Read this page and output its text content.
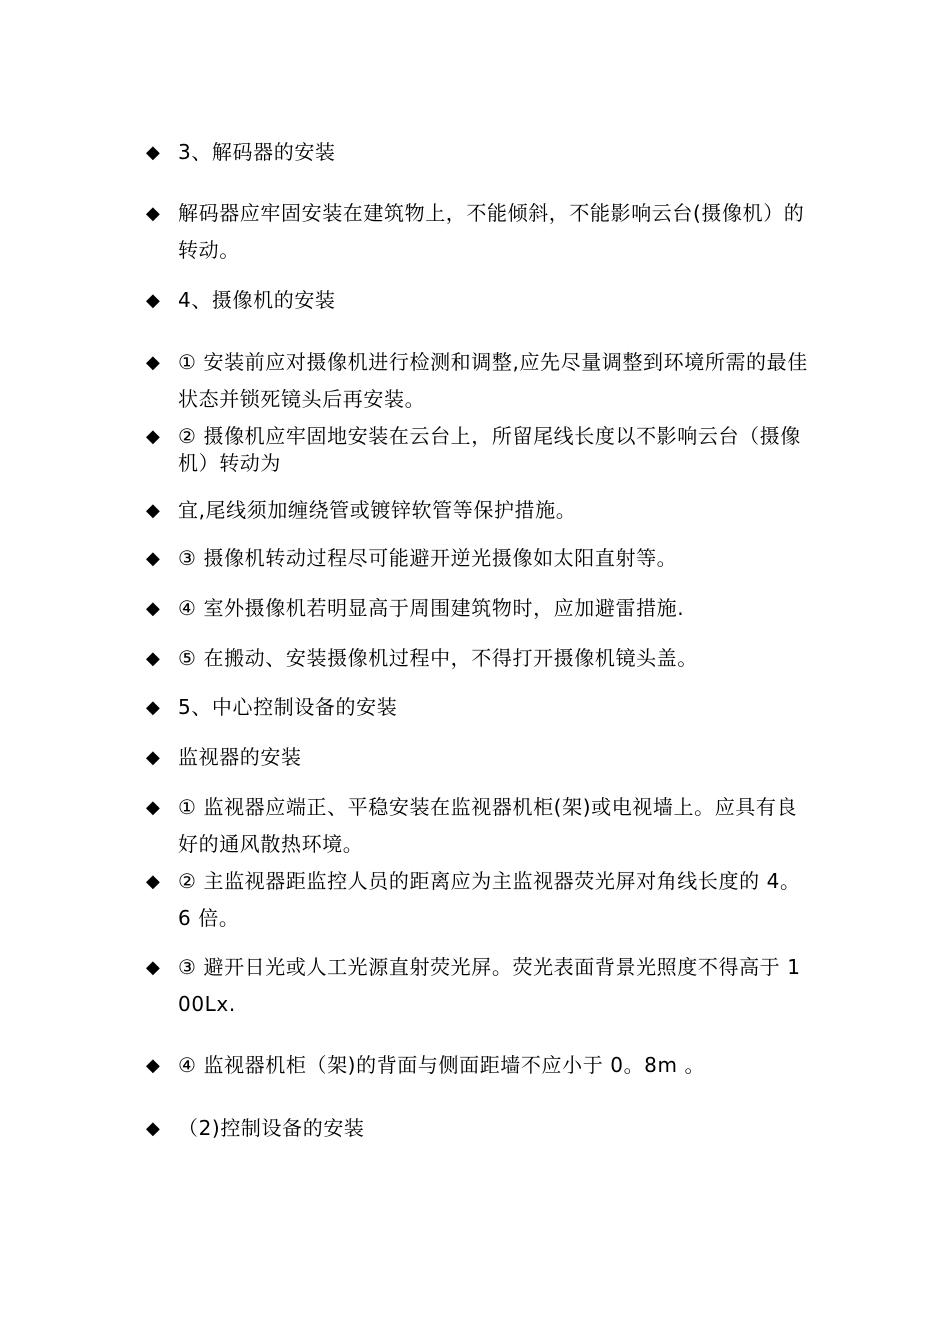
◆ 3、解码器的安装
◆ 解码器应牢固安装在建筑物上，不能倾斜，不能影响云台(摄像机）的转动。
◆ 4、摄像机的安装
◆ ① 安装前应对摄像机进行检测和调整,应先尽量调整到环境所需的最佳状态并锁死镜头后再安装。
◆ ② 摄像机应牢固地安装在云台上，所留尾线长度以不影响云台（摄像机）转动为
◆ 宜,尾线须加缠绕管或镀锌软管等保护措施。
◆ ③ 摄像机转动过程尽可能避开逆光摄像如太阳直射等。
◆ ④ 室外摄像机若明显高于周围建筑物时，应加避雷措施.
◆ ⑤ 在搬动、安装摄像机过程中，不得打开摄像机镜头盖。
◆ 5、中心控制设备的安装
◆ 监视器的安装
◆ ① 监视器应端正、平稳安装在监视器机柜(架)或电视墙上。应具有良好的通风散热环境。
◆ ② 主监视器距监控人员的距离应为主监视器荧光屏对角线长度的 4。6 倍。
◆ ③ 避开日光或人工光源直射荧光屏。荧光表面背景光照度不得高于 100Lx.
◆ ④ 监视器机柜（架)的背面与侧面距墙不应小于 0。8m 。
◆ （2)控制设备的安装
